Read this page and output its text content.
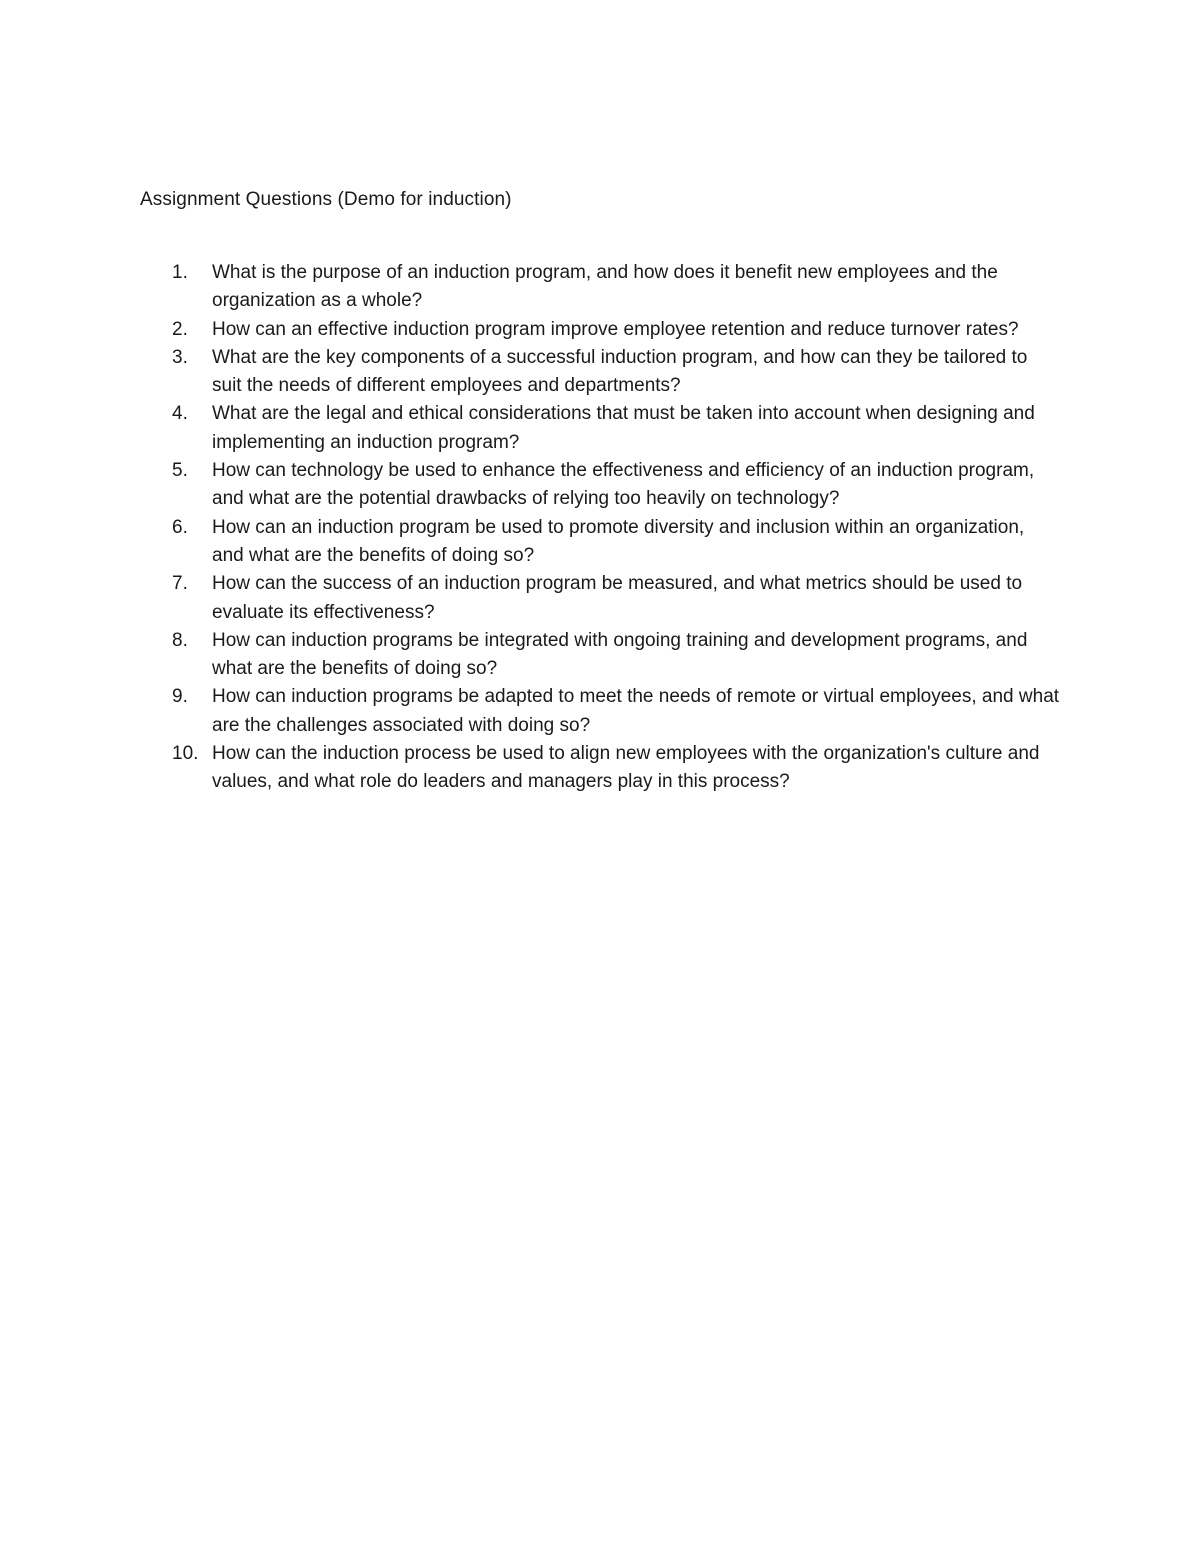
Assignment Questions (Demo for induction)
1. What is the purpose of an induction program, and how does it benefit new employees and the organization as a whole?
2. How can an effective induction program improve employee retention and reduce turnover rates?
3. What are the key components of a successful induction program, and how can they be tailored to suit the needs of different employees and departments?
4. What are the legal and ethical considerations that must be taken into account when designing and implementing an induction program?
5. How can technology be used to enhance the effectiveness and efficiency of an induction program, and what are the potential drawbacks of relying too heavily on technology?
6. How can an induction program be used to promote diversity and inclusion within an organization, and what are the benefits of doing so?
7. How can the success of an induction program be measured, and what metrics should be used to evaluate its effectiveness?
8. How can induction programs be integrated with ongoing training and development programs, and what are the benefits of doing so?
9. How can induction programs be adapted to meet the needs of remote or virtual employees, and what are the challenges associated with doing so?
10. How can the induction process be used to align new employees with the organization's culture and values, and what role do leaders and managers play in this process?
